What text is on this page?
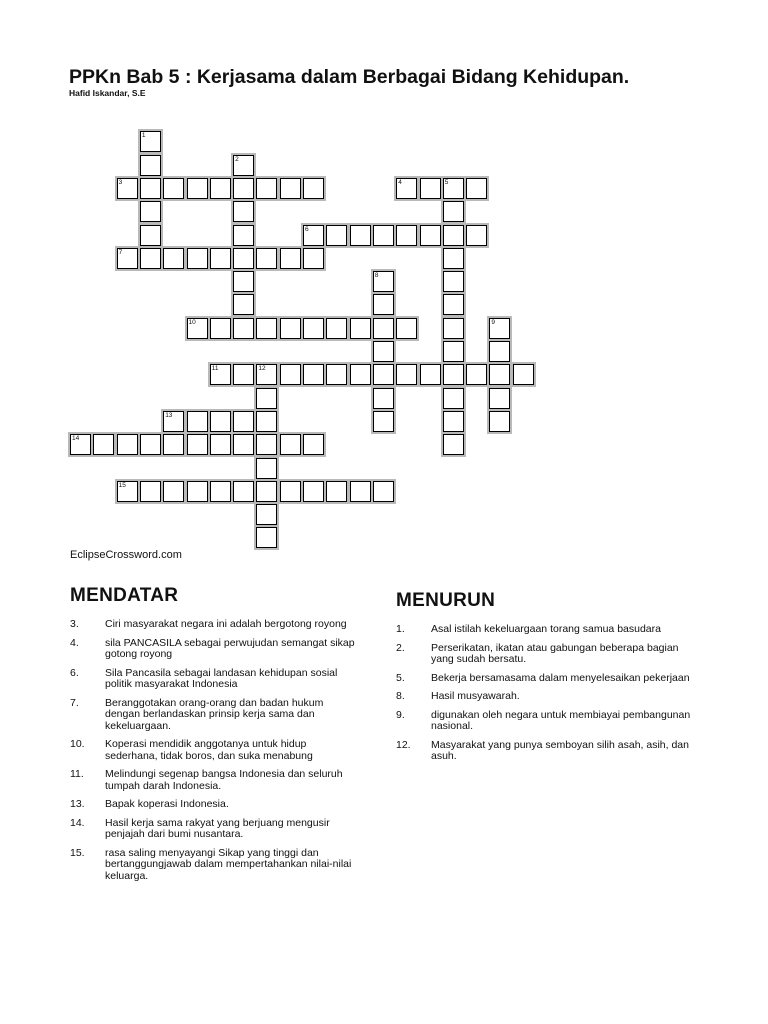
PPKn Bab 5 : Kerjasama dalam Berbagai Bidang Kehidupan.
Hafid Iskandar, S.E
3	4	5
6
7
10
11	12
13
14
15
1
2
8
9
EclipseCrossword.com
MENDATAR
3.	Ciri masyarakat negara ini adalah bergotong royong
4.	sila PANCASILA sebagai perwujudan semangat sikap gotong royong
6.	Sila Pancasila sebagai landasan kehidupan sosial politik masyarakat Indonesia
7.	Beranggotakan orang-orang dan badan hukum dengan berlandaskan prinsip kerja sama dan kekeluargaan.
10.	Koperasi mendidik anggotanya untuk hidup sederhana, tidak boros, dan suka menabung
11.	Melindungi segenap bangsa Indonesia dan seluruh tumpah darah Indonesia.
13.	Bapak koperasi Indonesia.
14.	Hasil kerja sama rakyat yang berjuang mengusir penjajah dari bumi nusantara.
15.	rasa saling menyayangi Sikap yang tinggi dan bertanggungjawab dalam mempertahankan nilai-nilai keluarga.
MENURUN
1.	Asal istilah kekeluargaan torang samua basudara
2.	Perserikatan, ikatan atau gabungan beberapa bagian yang sudah bersatu.
5.	Bekerja bersamasama dalam menyelesaikan pekerjaan
8.	Hasil musyawarah.
9.	digunakan oleh negara untuk membiayai pembangunan nasional.
12.	Masyarakat yang punya semboyan silih asah, asih, dan asuh.
